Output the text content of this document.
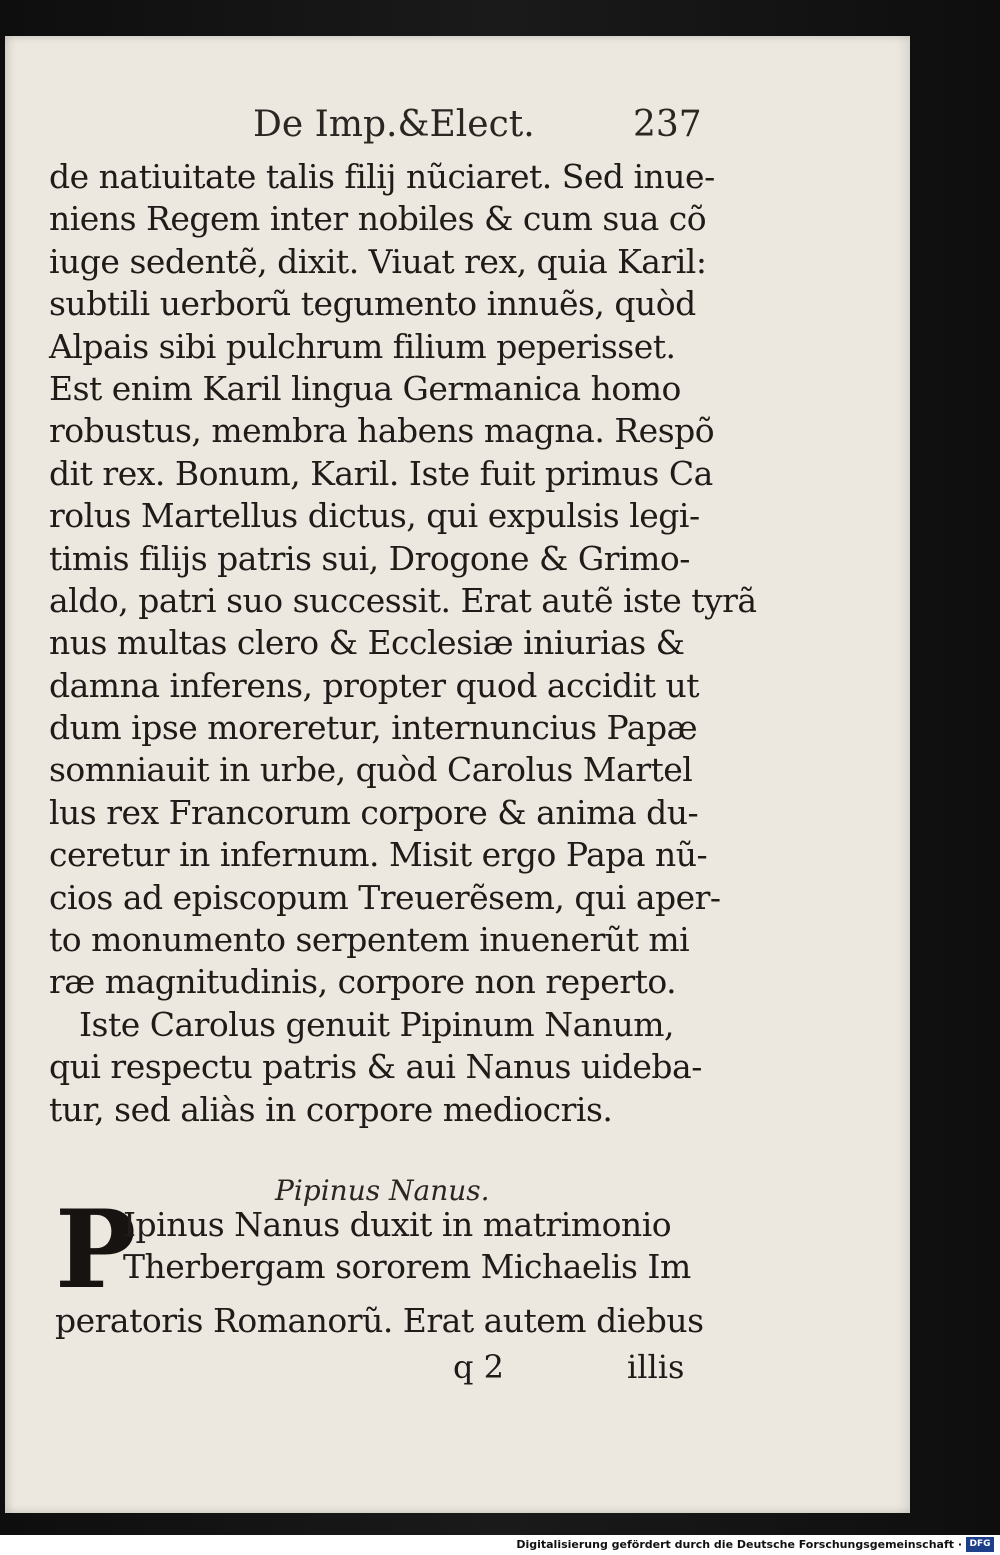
De Imp.&Elect.	237
de natiuitate talis filij nũciaret. Sed inue-
niens Regem inter nobiles & cum sua cõ
iuge sedentẽ, dixit. Viuat rex, quia Karil:
subtili uerborũ tegumento innuẽs, quòd
Alpais sibi pulchrum filium peperisset.
Est enim Karil lingua Germanica homo
robustus, membra habens magna. Respõ
dit rex. Bonum, Karil. Iste fuit primus Ca
rolus Martellus dictus, qui expulsis legi-
timis filijs patris sui, Drogone & Grimo-
aldo, patri suo successit. Erat autẽ iste tyrã
nus multas clero & Ecclesiæ iniurias &
damna inferens, propter quod accidit ut
dum ipse moreretur, internuncius Papæ
somniauit in urbe, quòd Carolus Martel
lus rex Francorum corpore & anima du-
ceretur in infernum. Misit ergo Papa nũ-
cios ad episcopum Treuerẽsem, qui aper-
to monumento serpentem inuenerũt mi
ræ magnitudinis, corpore non reperto.
Iste Carolus genuit Pipinum Nanum,
qui respectu patris & aui Nanus uideba-
tur, sed aliàs in corpore mediocris.
Pipinus Nanus.
P
Ipinus Nanus duxit in matrimonio
Therbergam sororem Michaelis Im
peratoris Romanorũ. Erat autem diebus
q 2	illis
Digitalisierung gefördert durch die Deutsche Forschungsgemeinschaft · DFG
